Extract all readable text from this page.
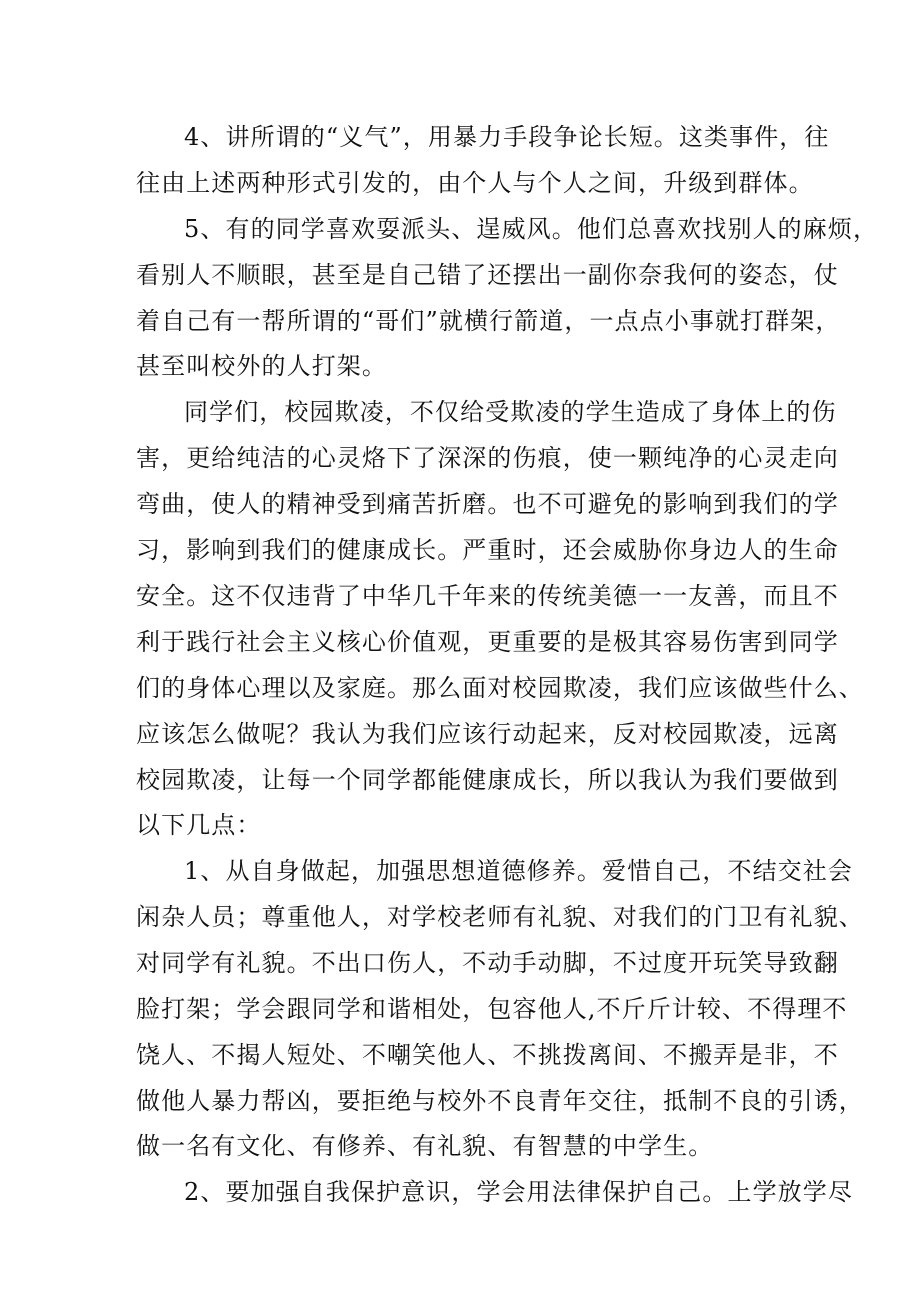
4、讲所谓的“义气”，用暴力手段争论长短。这类事件，往
往由上述两种形式引发的，由个人与个人之间，升级到群体。
5、有的同学喜欢耍派头、逞威风。他们总喜欢找别人的麻烦，
看别人不顺眼，甚至是自己错了还摆出一副你奈我何的姿态，仗
着自己有一帮所谓的“哥们”就横行箭道，一点点小事就打群架，
甚至叫校外的人打架。
同学们，校园欺凌，不仅给受欺凌的学生造成了身体上的伤
害，更给纯洁的心灵烙下了深深的伤痕，使一颗纯净的心灵走向
弯曲，使人的精神受到痛苦折磨。也不可避免的影响到我们的学
习，影响到我们的健康成长。严重时，还会威胁你身边人的生命
安全。这不仅违背了中华几千年来的传统美德一一友善，而且不
利于践行社会主义核心价值观，更重要的是极其容易伤害到同学
们的身体心理以及家庭。那么面对校园欺凌，我们应该做些什么、
应该怎么做呢？我认为我们应该行动起来，反对校园欺凌，远离
校园欺凌，让每一个同学都能健康成长，所以我认为我们要做到
以下几点：
1、从自身做起，加强思想道德修养。爱惜自己，不结交社会
闲杂人员；尊重他人，对学校老师有礼貌、对我们的门卫有礼貌、
对同学有礼貌。不出口伤人，不动手动脚，不过度开玩笑导致翻
脸打架；学会跟同学和谐相处，包容他人,不斤斤计较、不得理不
饶人、不揭人短处、不嘲笑他人、不挑拨离间、不搬弄是非，不
做他人暴力帮凶，要拒绝与校外不良青年交往，抵制不良的引诱，
做一名有文化、有修养、有礼貌、有智慧的中学生。
2、要加强自我保护意识，学会用法律保护自己。上学放学尽
